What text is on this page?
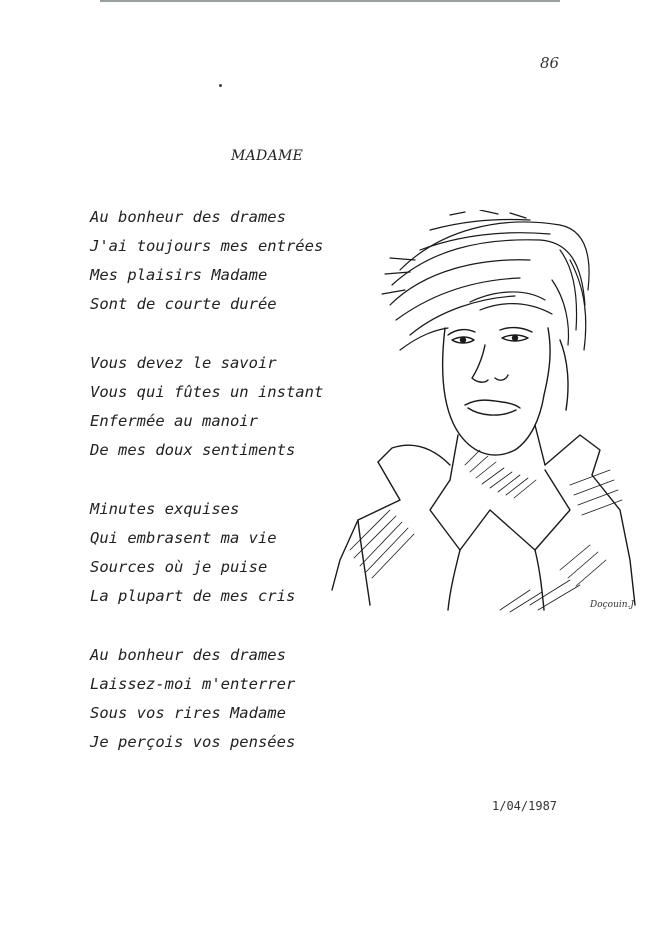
86
MADAME
Au bonheur des drames
J'ai toujours mes entrées
Mes plaisirs Madame
Sont de courte durée
Vous devez le savoir
Vous qui fûtes un instant
Enfermée au manoir
De mes doux sentiments
Minutes exquises
Qui embrasent ma vie
Sources où je puise
La plupart de mes cris
Au bonheur des drames
Laissez-moi m'enterrer
Sous vos rires Madame
Je perçois vos pensées
Doçouin.J
1/04/1987
